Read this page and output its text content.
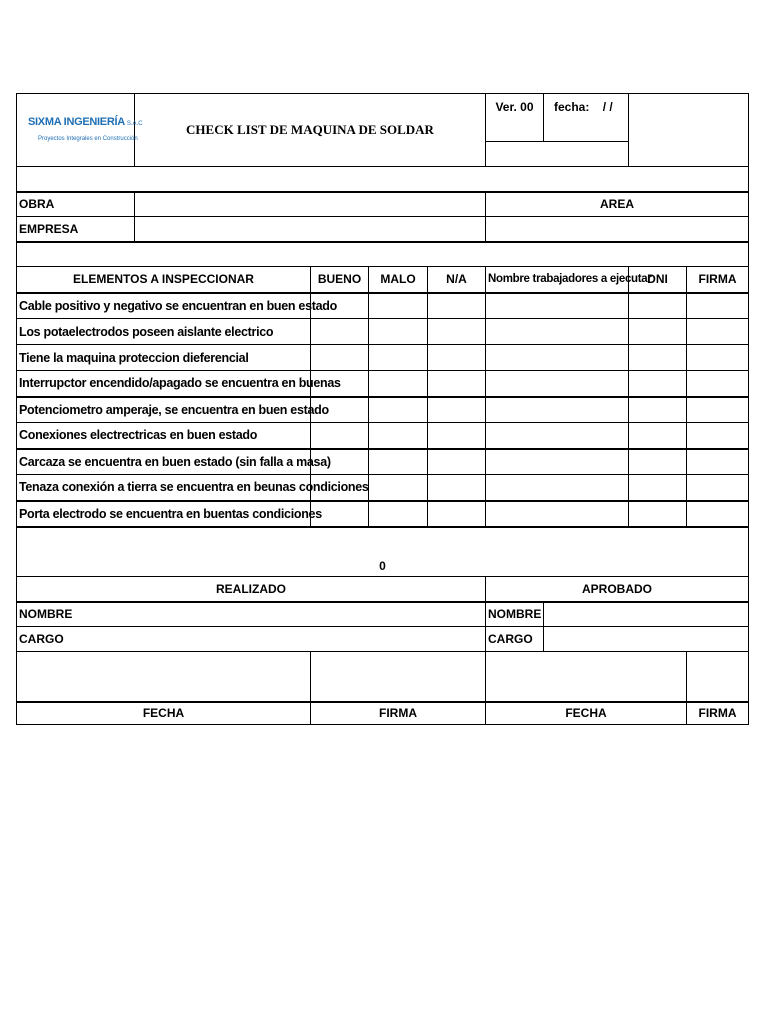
SIXMA INGENIERÍA S.A.C
Proyectos Integrales en Construcción	CHECK LIST DE MAQUINA DE SOLDAR				Ver. 00	fecha: / /		

OBRA					AREA			
EMPRESA								

ELEMENTOS A INSPECCIONAR		BUENO	MALO	N/A	Nombre trabajadores a ejecutar		DNI	FIRMA
Cable positivo y negativo se encuentran en buen estado								
Los potaelectrodos poseen aislante electrico								
Tiene la maquina proteccion dieferencial								
Interrupctor encendido/apagado se encuentra en buenas								
Potenciometro amperaje, se encuentra en buen estado								
Conexiones electrectricas en buen estado								
Carcaza se encuentra en buen estado (sin falla a masa)								
Tenaza conexión a tierra se encuentra en beunas condiciones								
Porta electrodo se encuentra en buentas condiciones								
0								
REALIZADO					APROBADO			
NOMBRE					NOMBRE			
CARGO					CARGO			

FECHA		FIRMA			FECHA			FIRMA
